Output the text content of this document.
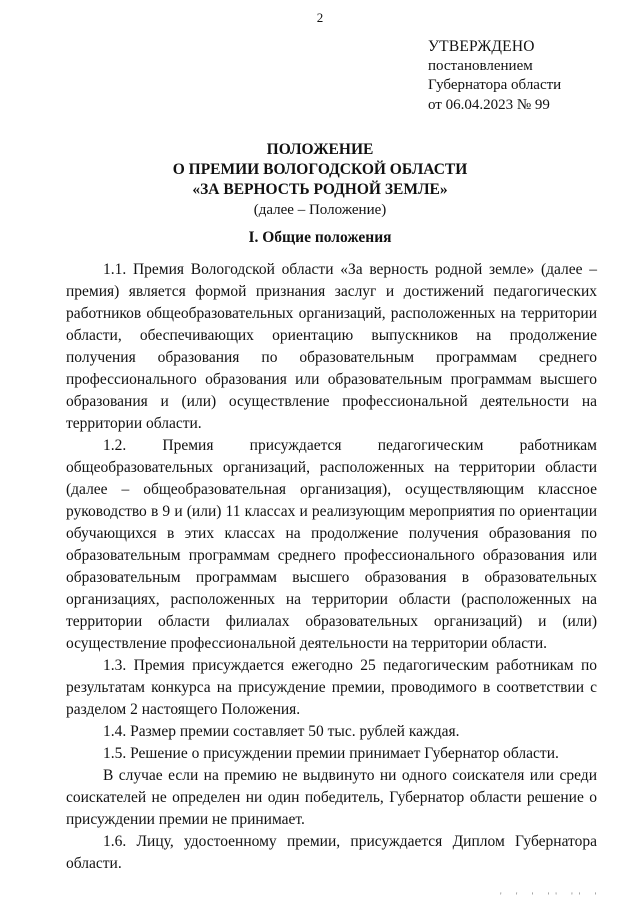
2
УТВЕРЖДЕНО
постановлением
Губернатора области
от 06.04.2023 № 99
ПОЛОЖЕНИЕ
О ПРЕМИИ ВОЛОГОДСКОЙ ОБЛАСТИ
«ЗА ВЕРНОСТЬ РОДНОЙ ЗЕМЛЕ»
(далее – Положение)
I. Общие положения

1.1. Премия Вологодской области «За верность родной земле» (далее – премия) является формой признания заслуг и достижений педагогических работников общеобразовательных организаций, расположенных на территории области, обеспечивающих ориентацию выпускников на продолжение получения образования по образовательным программам среднего профессионального образования или образовательным программам высшего образования и (или) осуществление профессиональной деятельности на территории области.

1.2. Премия присуждается педагогическим работникам общеобразовательных организаций, расположенных на территории области (далее – общеобразовательная организация), осуществляющим классное руководство в 9 и (или) 11 классах и реализующим мероприятия по ориентации обучающихся в этих классах на продолжение получения образования по образовательным программам среднего профессионального образования или образовательным программам высшего образования в образовательных организациях, расположенных на территории области (расположенных на территории области филиалах образовательных организаций) и (или) осуществление профессиональной деятельности на территории области.

1.3. Премия присуждается ежегодно 25 педагогическим работникам по результатам конкурса на присуждение премии, проводимого в соответствии с разделом 2 настоящего Положения.

1.4. Размер премии составляет 50 тыс. рублей каждая.

1.5. Решение о присуждении премии принимает Губернатор области.

В случае если на премию не выдвинуто ни одного соискателя или среди соискателей не определен ни один победитель, Губернатор области решение о присуждении премии не принимает.

1.6. Лицу, удостоенному премии, присуждается Диплом Губернатора области.

' ' ' '' '' '
